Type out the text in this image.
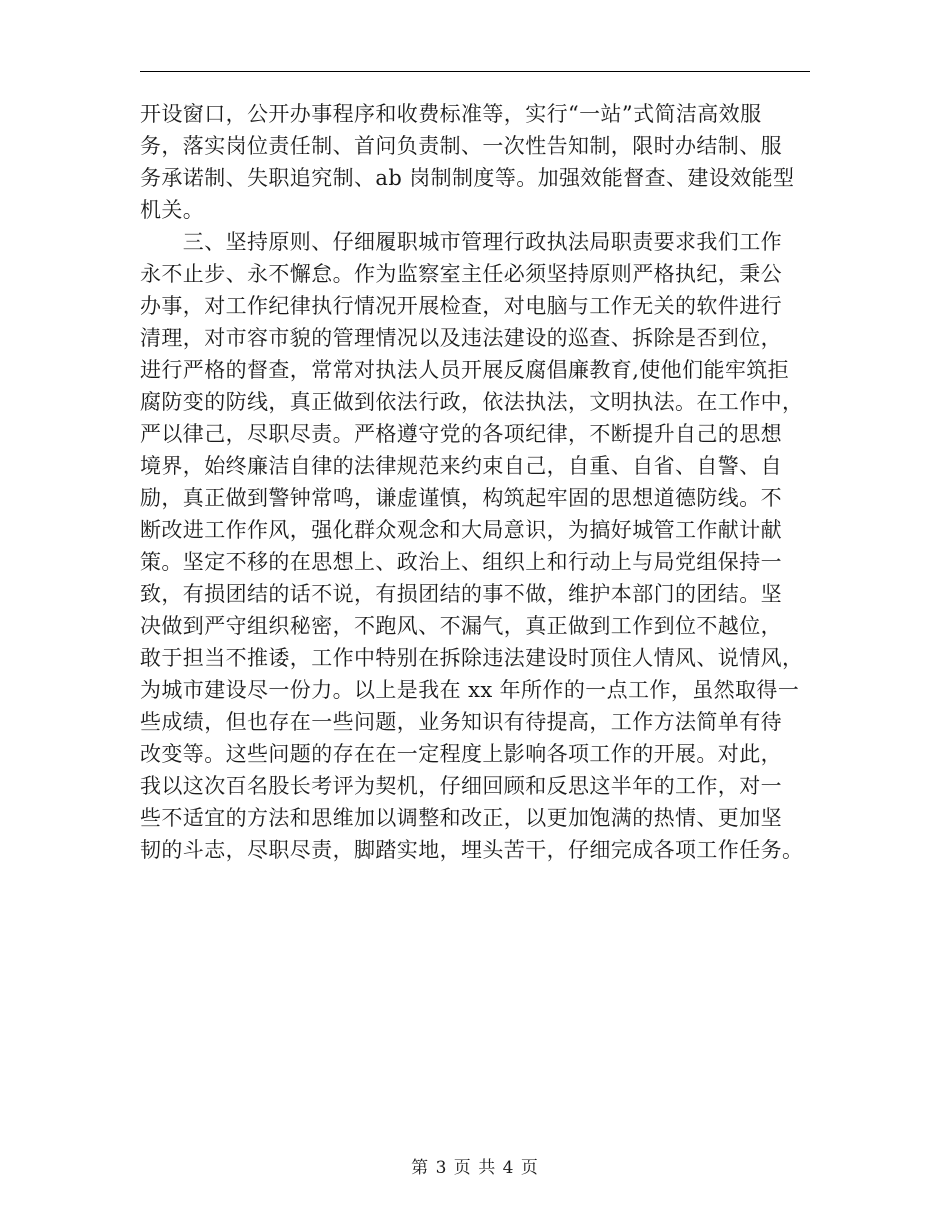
开设窗口，公开办事程序和收费标准等，实行“一站”式简洁高效服
务，落实岗位责任制、首问负责制、一次性告知制，限时办结制、服
务承诺制、失职追究制、ab 岗制制度等。加强效能督查、建设效能型
机关。
　　三、坚持原则、仔细履职城市管理行政执法局职责要求我们工作
永不止步、永不懈怠。作为监察室主任必须坚持原则严格执纪，秉公
办事，对工作纪律执行情况开展检查，对电脑与工作无关的软件进行
清理，对市容市貌的管理情况以及违法建设的巡查、拆除是否到位，
进行严格的督查，常常对执法人员开展反腐倡廉教育,使他们能牢筑拒
腐防变的防线，真正做到依法行政，依法执法，文明执法。在工作中，
严以律己，尽职尽责。严格遵守党的各项纪律，不断提升自己的思想
境界，始终廉洁自律的法律规范来约束自己，自重、自省、自警、自
励，真正做到警钟常鸣，谦虚谨慎，构筑起牢固的思想道德防线。不
断改进工作作风，强化群众观念和大局意识，为搞好城管工作献计献
策。坚定不移的在思想上、政治上、组织上和行动上与局党组保持一
致，有损团结的话不说，有损团结的事不做，维护本部门的团结。坚
决做到严守组织秘密，不跑风、不漏气，真正做到工作到位不越位，
敢于担当不推诿，工作中特别在拆除违法建设时顶住人情风、说情风，
为城市建设尽一份力。以上是我在 xx 年所作的一点工作，虽然取得一
些成绩，但也存在一些问题，业务知识有待提高，工作方法简单有待
改变等。这些问题的存在在一定程度上影响各项工作的开展。对此，
我以这次百名股长考评为契机，仔细回顾和反思这半年的工作，对一
些不适宜的方法和思维加以调整和改正，以更加饱满的热情、更加坚
韧的斗志，尽职尽责，脚踏实地，埋头苦干，仔细完成各项工作任务。
第 3 页 共 4 页
